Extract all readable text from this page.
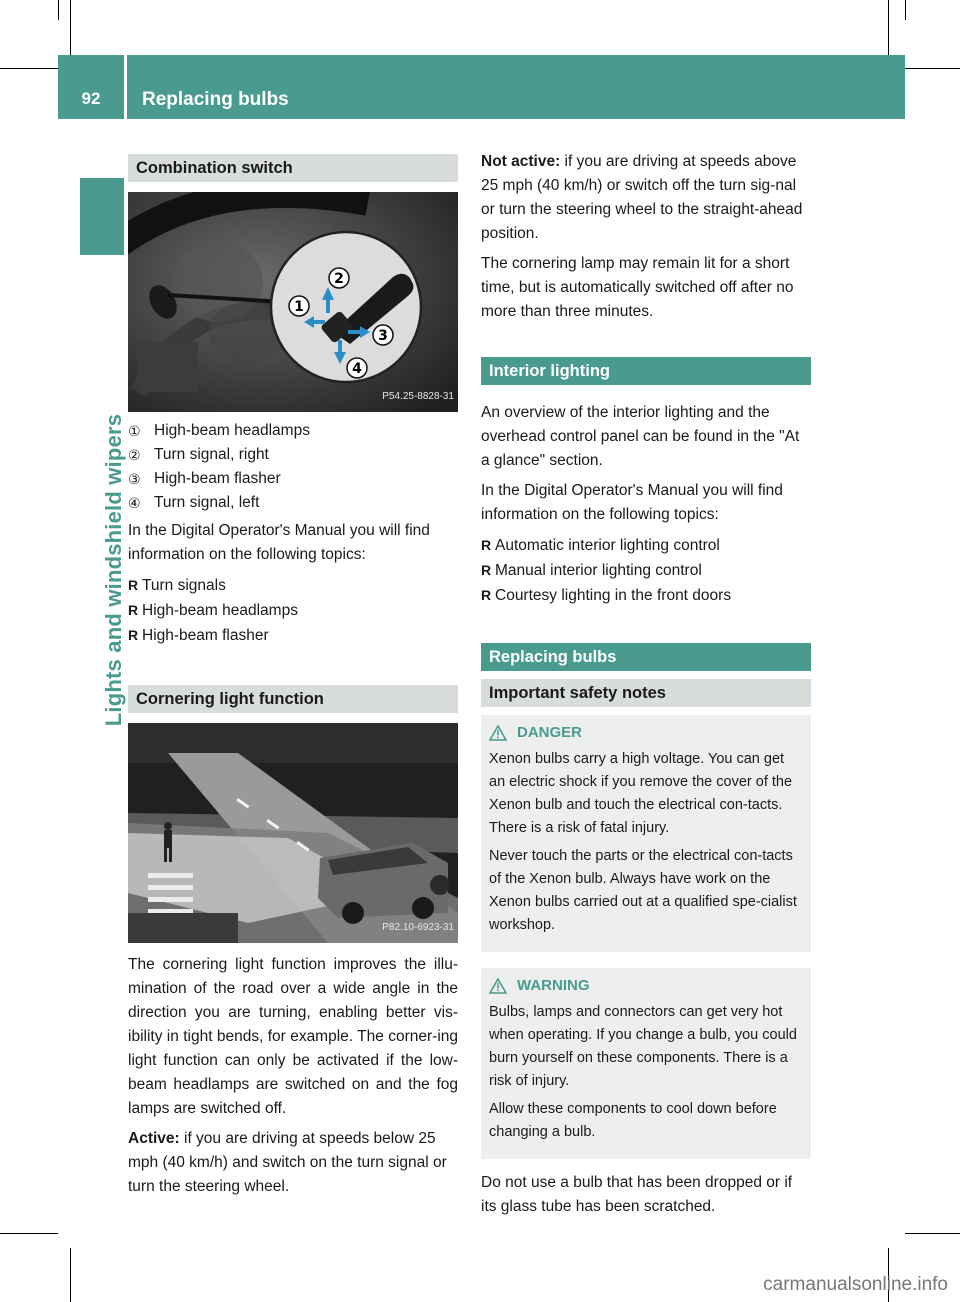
92	Replacing bulbs
Lights and windshield wipers
Combination switch
1
2
3
4
P54.25-8828-31
① High-beam headlamps
② Turn signal, right
③ High-beam flasher
④ Turn signal, left

In the Digital Operator's Manual you will find information on the following topics:

R Turn signals
R High-beam headlamps
R High-beam flasher
Cornering light function
P82.10-6923-31

The cornering light function improves the illu-mination of the road over a wide angle in the direction you are turning, enabling better vis-ibility in tight bends, for example. The corner-ing light function can only be activated if the low-beam headlamps are switched on and the fog lamps are switched off.

Active: if you are driving at speeds below 25 mph (40 km/h) and switch on the turn signal or turn the steering wheel.

Not active: if you are driving at speeds above 25 mph (40 km/h) or switch off the turn sig-nal or turn the steering wheel to the straight-ahead position.

The cornering lamp may remain lit for a short time, but is automatically switched off after no more than three minutes.

Interior lighting

An overview of the interior lighting and the overhead control panel can be found in the "At a glance" section.

In the Digital Operator's Manual you will find information on the following topics:

R Automatic interior lighting control
R Manual interior lighting control
R Courtesy lighting in the front doors
Replacing bulbs
Important safety notes
DANGER

Xenon bulbs carry a high voltage. You can get an electric shock if you remove the cover of the Xenon bulb and touch the electrical con-tacts. There is a risk of fatal injury.

Never touch the parts or the electrical con-tacts of the Xenon bulb. Always have work on the Xenon bulbs carried out at a qualified spe-cialist workshop.

WARNING

Bulbs, lamps and connectors can get very hot when operating. If you change a bulb, you could burn yourself on these components. There is a risk of injury.

Allow these components to cool down before changing a bulb.

Do not use a bulb that has been dropped or if its glass tube has been scratched.

carmanualsonline.info
